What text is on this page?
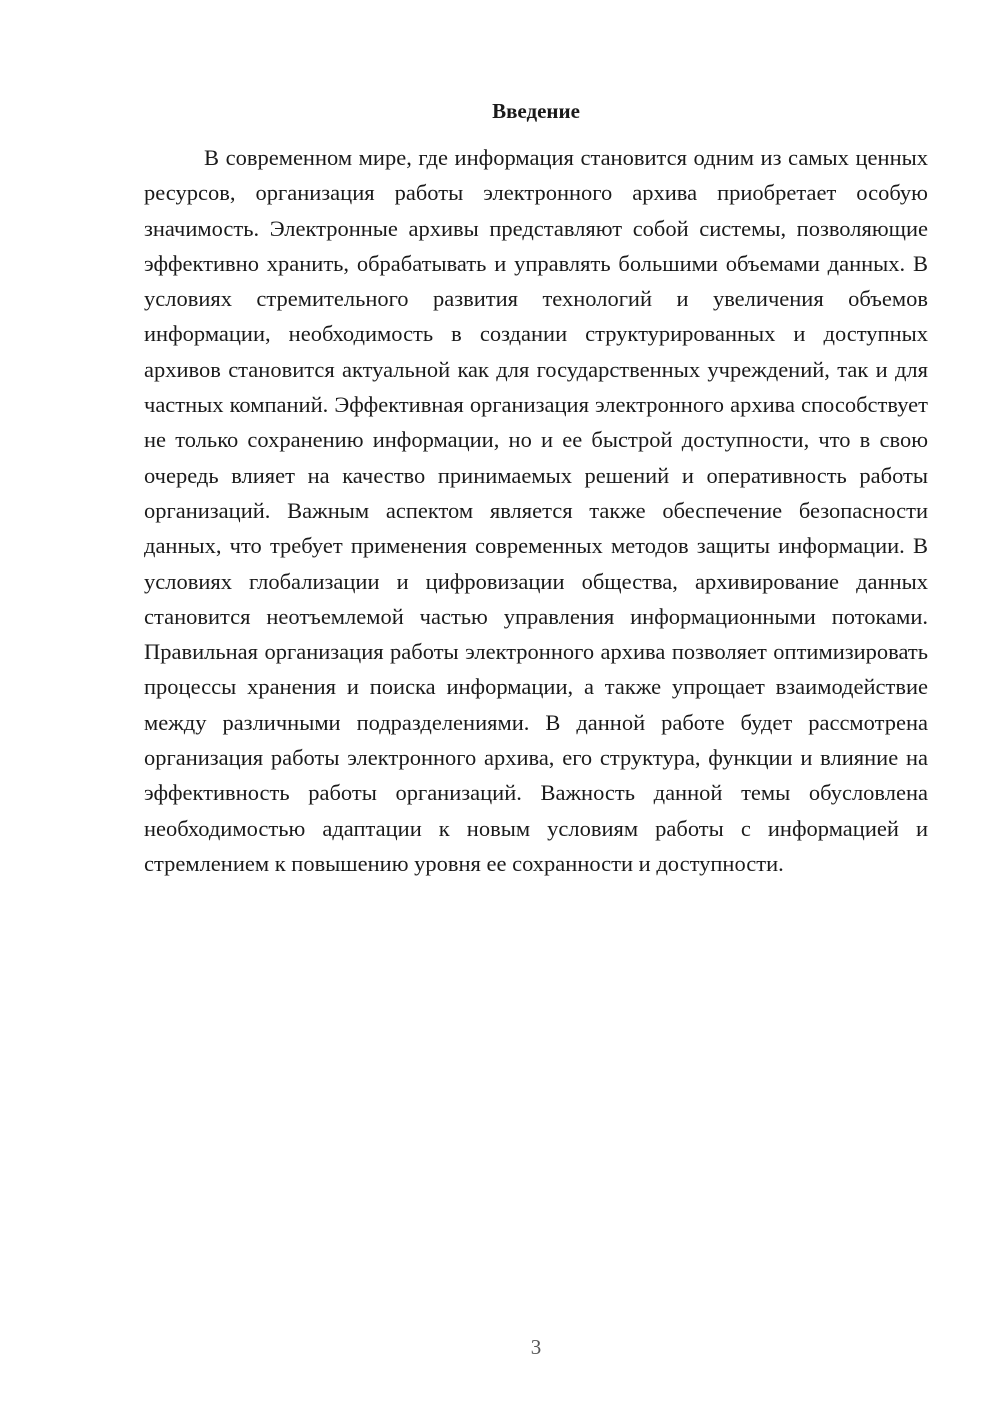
Введение

В современном мире, где информация становится одним из самых ценных ресурсов, организация работы электронного архива приобретает особую значимость. Электронные архивы представляют собой системы, позволяющие эффективно хранить, обрабатывать и управлять большими объемами данных. В условиях стремительного развития технологий и увеличения объемов информации, необходимость в создании структурированных и доступных архивов становится актуальной как для государственных учреждений, так и для частных компаний. Эффективная организация электронного архива способствует не только сохранению информации, но и ее быстрой доступности, что в свою очередь влияет на качество принимаемых решений и оперативность работы организаций. Важным аспектом является также обеспечение безопасности данных, что требует применения современных методов защиты информации. В условиях глобализации и цифровизации общества, архивирование данных становится неотъемлемой частью управления информационными потоками. Правильная организация работы электронного архива позволяет оптимизировать процессы хранения и поиска информации, а также упрощает взаимодействие между различными подразделениями. В данной работе будет рассмотрена организация работы электронного архива, его структура, функции и влияние на эффективность работы организаций. Важность данной темы обусловлена необходимостью адаптации к новым условиям работы с информацией и стремлением к повышению уровня ее сохранности и доступности.

3
